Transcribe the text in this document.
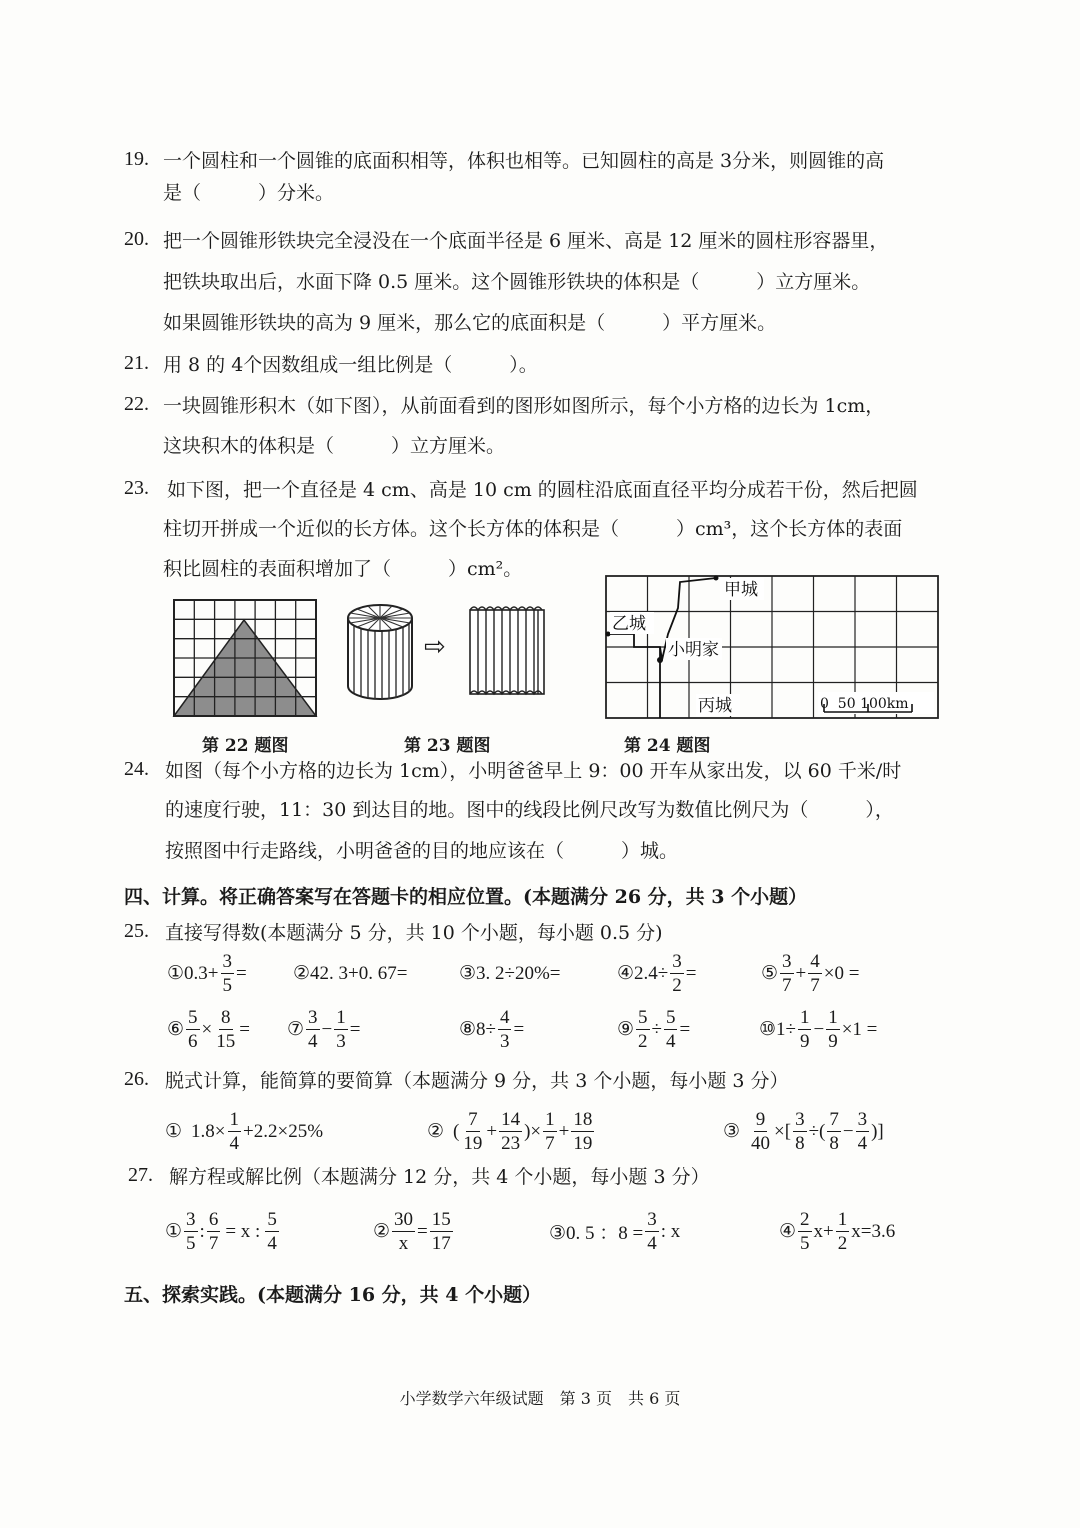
19. 一个圆柱和一个圆锥的底面积相等，体积也相等。已知圆柱的高是 3分米，则圆锥的高
是（　　　）分米。
20. 把一个圆锥形铁块完全浸没在一个底面半径是 6 厘米、高是 12 厘米的圆柱形容器里，
把铁块取出后，水面下降 0.5 厘米。这个圆锥形铁块的体积是（　　　）立方厘米。
如果圆锥形铁块的高为 9 厘米，那么它的底面积是（　　　）平方厘米。
21. 用 8 的 4个因数组成一组比例是（　　　）。
22. 一块圆锥形积木（如下图），从前面看到的图形如图所示，每个小方格的边长为 1cm，
这块积木的体积是（　　　）立方厘米。
23. 如下图，把一个直径是 4 cm、高是 10 cm 的圆柱沿底面直径平均分成若干份，然后把圆
柱切开拼成一个近似的长方体。这个长方体的体积是（　　　）cm³，这个长方体的表面
积比圆柱的表面积增加了（　　　）cm²。
⇨
甲城
乙城
小明家
丙城	0  50 100km
第 22 题图	第 23 题图	第 24 题图
24. 如图（每个小方格的边长为 1cm），小明爸爸早上 9：00 开车从家出发，以 60 千米/时
的速度行驶，11：30 到达目的地。图中的线段比例尺改写为数值比例尺为（　　　），
按照图中行走路线，小明爸爸的目的地应该在（　　　）城。
四、计算。将正确答案写在答题卡的相应位置。(本题满分 26 分，共 3 个小题）
25. 直接写得数(本题满分 5 分，共 10 个小题，每小题 0.5 分)
①0.3+ $\frac{3}{5}$ = ②42. 3+0. 67=	③3. 2÷20%=	④2.4÷ $\frac{3}{2}$ =	⑤ $\frac{3}{7} + \frac{4}{7} \times 0$ =
⑥ $\frac{5}{6} \times \frac{8}{15}$ = ⑦ $\frac{3}{4} - \frac{1}{3}$ =	⑧8÷ $\frac{4}{3}$ =	⑨ $\frac{5}{2} \div \frac{5}{4}$ =	⑩1÷ $\frac{1}{9} - \frac{1}{9} \times 1$ =
26. 脱式计算，能简算的要简算（本题满分 9 分，共 3 个小题，每小题 3 分）
① $1.8\times \frac{1}{4} +2.2\times 25\%$	② ( $\frac{7}{19} + \frac{14}{23}$ )× $\frac{1}{7} + \frac{18}{19}$	③ $\frac{9}{40}$ ×[ $\frac{3}{8}$ ÷( $\frac{7}{8} - \frac{3}{4}$ )]
27. 解方程或解比例（本题满分 12 分，共 4 个小题，每小题 3 分）
① $\frac{3}{5}$ : $\frac{6}{7} = x$ : $\frac{5}{4}$	② $\frac{30}{x} = \frac{15}{17}$	③0. 5 ：$8 = \frac{3}{4}$ : x	④ $\frac{2}{5} x+ \frac{1}{2} x=3.6$
五、探索实践。(本题满分 16 分，共 4 个小题）
小学数学六年级试题　第 3 页　共 6 页
